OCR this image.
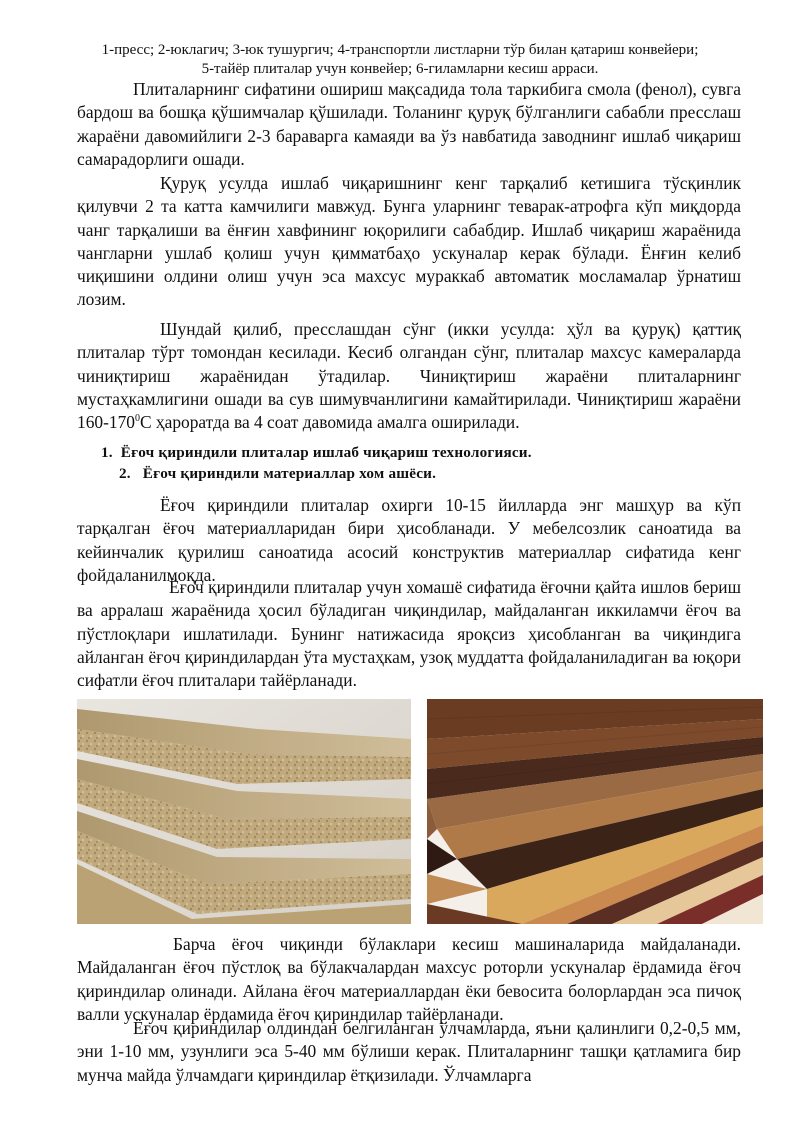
1-пресс; 2-юклагич; 3-юк тушургич; 4-транспортли листларни тўр билан қатариш конвейери;
5-тайёр плиталар учун конвейер; 6-гиламларни кесиш арраси.
Плиталарнинг сифатини ошириш мақсадида тола таркибига смола (фенол), сувга бардош ва бошқа қўшимчалар қўшилади. Толанинг қуруқ бўлганлиги сабабли пресслаш жараёни давомийлиги 2-3 бараварга камаяди ва ўз навбатида заводнинг ишлаб чиқариш самарадорлиги ошади.
Қуруқ усулда ишлаб чиқаришнинг кенг тарқалиб кетишига тўсқинлик қилувчи 2 та катта камчилиги мавжуд. Бунга уларнинг теварак-атрофга кўп миқдорда чанг тарқалиши ва ёнғин хавфининг юқорилиги сабабдир. Ишлаб чиқариш жараёнида чангларни ушлаб қолиш учун қимматбаҳо ускуналар керак бўлади. Ёнғин келиб чиқишини олдини олиш учун эса махсус мураккаб автоматик мосламалар ўрнатиш лозим.
Шундай қилиб, пресслашдан сўнг (икки усулда: ҳўл ва қуруқ) қаттиқ плиталар тўрт томондан кесилади. Кесиб олгандан сўнг, плиталар махсус камераларда чиниқтириш жараёнидан ўтадилар. Чиниқтириш жараёни плиталарнинг мустаҳкамлигини ошади ва сув шимувчанлигини камайтирилади. Чиниқтириш жараёни $160-170^0С$ ҳароратда ва 4 соат давомида амалга оширилади.
1. Ёғоч қириндили плиталар ишлаб чиқариш технологияси.
2. Ёғоч қириндили материаллар хом ашёси.
Ёғоч қириндили плиталар охирги 10-15 йилларда энг машҳур ва кўп тарқалган ёғоч материалларидан бири ҳисобланади. У мебелсозлик саноатида ва кейинчалик қурилиш саноатида асосий конструктив материаллар сифатида кенг фойдаланилмоқда.
Ёғоч қириндили плиталар учун хомашё сифатида ёғочни қайта ишлов бериш ва арралаш жараёнида ҳосил бўладиган чиқиндилар, майдаланган иккиламчи ёғоч ва пўстлоқлари ишлатилади. Бунинг натижасида яроқсиз ҳисобланган ва чиқиндига айланган ёғоч қириндилардан ўта мустаҳкам, узоқ муддатта фойдаланиладиган ва юқори сифатли ёғоч плиталари тайёрланади.
Барча ёғоч чиқинди бўлаклари кесиш машиналарида майдаланади. Майдаланган ёғоч пўстлоқ ва бўлакчалардан махсус роторли ускуналар ёрдамида ёғоч қириндилар олинади. Айлана ёғоч материаллардан ёки бевосита болорлардан эса пичоқ валли ускуналар ёрдамида ёғоч қириндилар тайёрланади.
Ёғоч қириндилар олдиндан белгиланган ўлчамларда, яъни қалинлиги 0,2-0,5 мм, эни 1-10 мм, узунлиги эса 5-40 мм бўлиши керак. Плиталарнинг ташқи қатламига бир мунча майда ўлчамдаги қириндилар ётқизилади. Ўлчамларга
